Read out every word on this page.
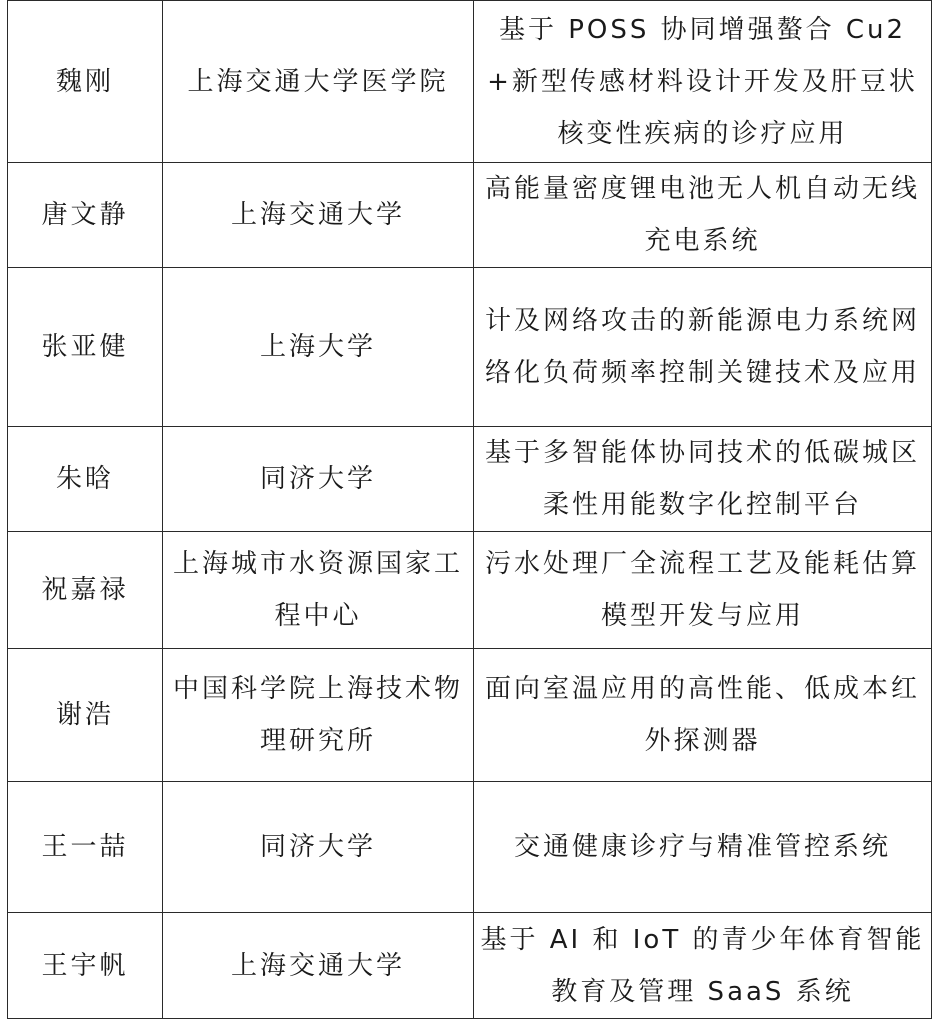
魏刚	上海交通大学医学院	基于 POSS 协同增强螯合 Cu2+新型传感材料设计开发及肝豆状核变性疾病的诊疗应用
唐文静	上海交通大学	高能量密度锂电池无人机自动无线充电系统
张亚健	上海大学	计及网络攻击的新能源电力系统网络化负荷频率控制关键技术及应用
朱晗	同济大学	基于多智能体协同技术的低碳城区柔性用能数字化控制平台
祝嘉禄	上海城市水资源国家工程中心	污水处理厂全流程工艺及能耗估算模型开发与应用
谢浩	中国科学院上海技术物理研究所	面向室温应用的高性能、低成本红外探测器
王一喆	同济大学	交通健康诊疗与精准管控系统
王宇帆	上海交通大学	基于 AI 和 IoT 的青少年体育智能教育及管理 SaaS 系统
